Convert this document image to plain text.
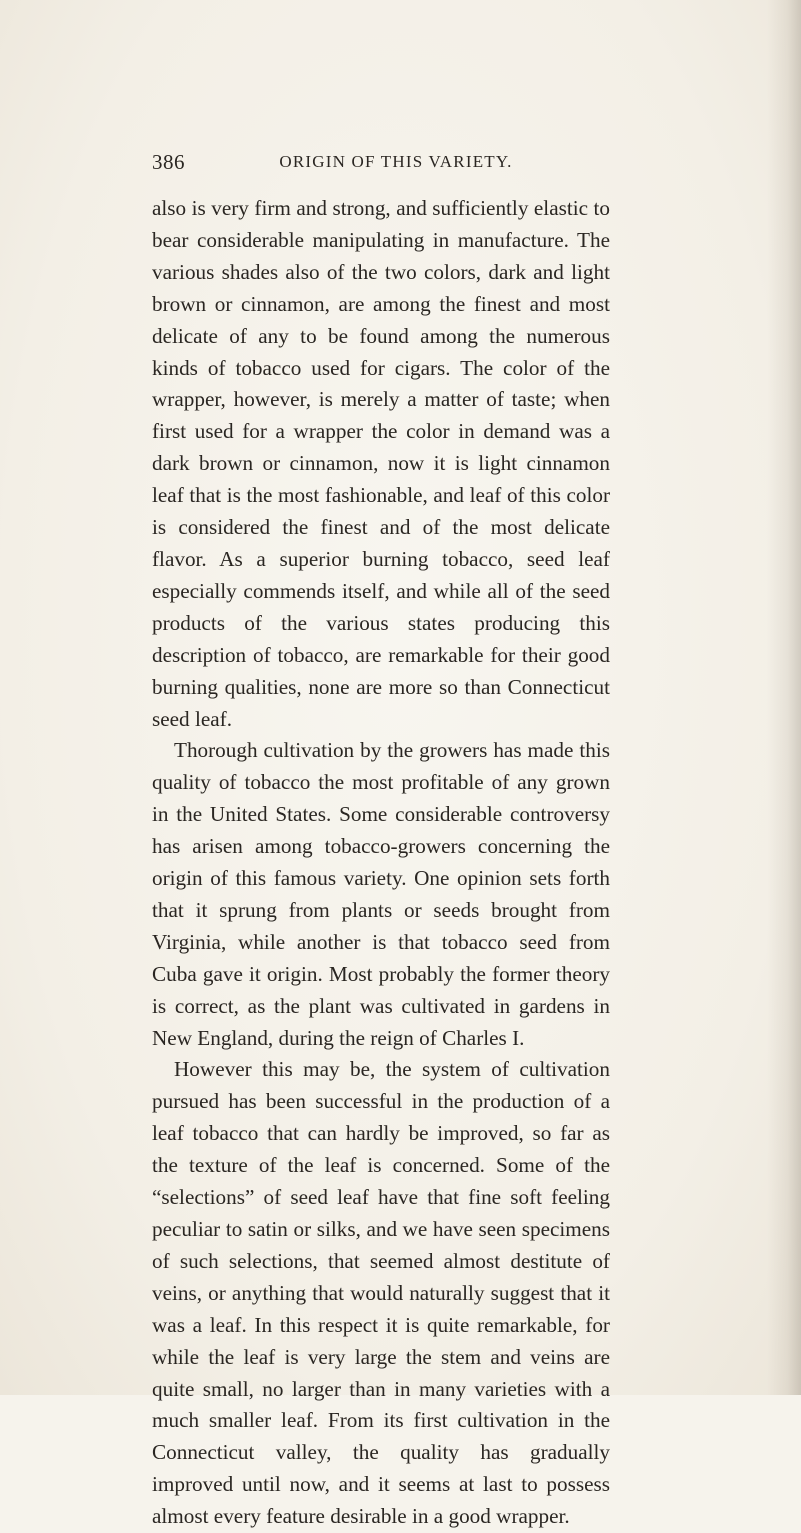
386	ORIGIN OF THIS VARIETY.

also is very firm and strong, and sufficiently elastic to bear considerable manipulating in manufacture. The various shades also of the two colors, dark and light brown or cinnamon, are among the finest and most delicate of any to be found among the numerous kinds of tobacco used for cigars. The color of the wrapper, however, is merely a matter of taste; when first used for a wrapper the color in demand was a dark brown or cinnamon, now it is light cinnamon leaf that is the most fashionable, and leaf of this color is considered the finest and of the most delicate flavor. As a superior burning tobacco, seed leaf especially commends itself, and while all of the seed products of the various states producing this description of tobacco, are remarkable for their good burning qualities, none are more so than Connecticut seed leaf.

Thorough cultivation by the growers has made this quality of tobacco the most profitable of any grown in the United States. Some considerable controversy has arisen among tobacco-growers concerning the origin of this famous variety. One opinion sets forth that it sprung from plants or seeds brought from Virginia, while another is that tobacco seed from Cuba gave it origin. Most probably the former theory is correct, as the plant was cultivated in gardens in New England, during the reign of Charles I.

However this may be, the system of cultivation pursued has been successful in the production of a leaf tobacco that can hardly be improved, so far as the texture of the leaf is concerned. Some of the “selections” of seed leaf have that fine soft feeling peculiar to satin or silks, and we have seen specimens of such selections, that seemed almost destitute of veins, or anything that would naturally suggest that it was a leaf. In this respect it is quite remarkable, for while the leaf is very large the stem and veins are quite small, no larger than in many varieties with a much smaller leaf. From its first cultivation in the Connecticut valley, the quality has gradually improved until now, and it seems at last to possess almost every feature desirable in a good wrapper.
